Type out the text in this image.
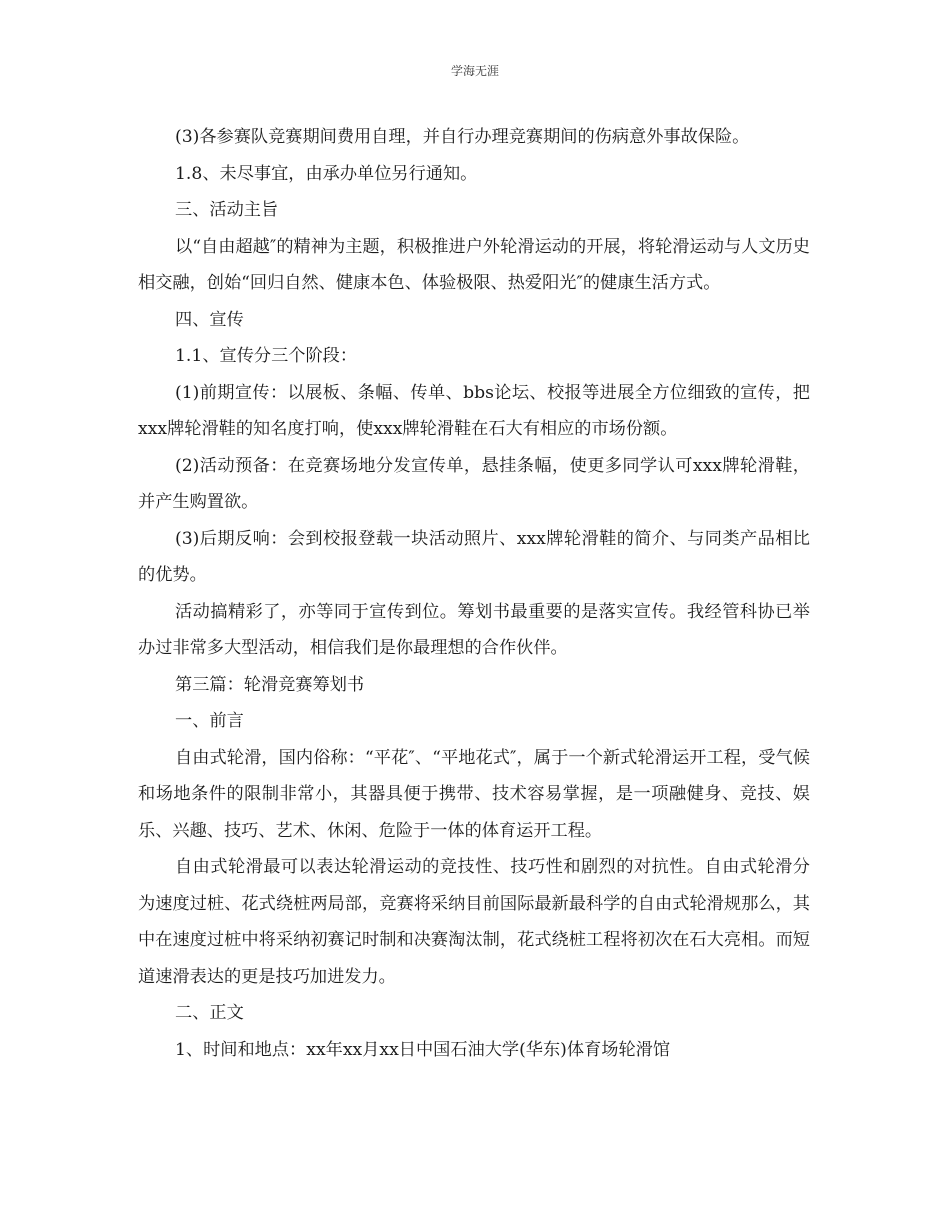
学海无涯

(3)各参赛队竞赛期间费用自理，并自行办理竞赛期间的伤病意外事故保险。

1.8、未尽事宜，由承办单位另行通知。

三、活动主旨

以“自由超越″的精神为主题，积极推进户外轮滑运动的开展，将轮滑运动与人文历史相交融，创始“回归自然、健康本色、体验极限、热爱阳光″的健康生活方式。

四、宣传

1.1、宣传分三个阶段：

(1)前期宣传：以展板、条幅、传单、bbs论坛、校报等进展全方位细致的宣传，把xxx牌轮滑鞋的知名度打响，使xxx牌轮滑鞋在石大有相应的市场份额。

(2)活动预备：在竞赛场地分发宣传单，悬挂条幅，使更多同学认可xxx牌轮滑鞋，并产生购置欲。

(3)后期反响：会到校报登载一块活动照片、xxx牌轮滑鞋的简介、与同类产品相比的优势。

活动搞精彩了，亦等同于宣传到位。筹划书最重要的是落实宣传。我经管科协已举办过非常多大型活动，相信我们是你最理想的合作伙伴。

第三篇：轮滑竞赛筹划书

一、前言

自由式轮滑，国内俗称：“平花″、“平地花式″，属于一个新式轮滑运开工程，受气候和场地条件的限制非常小，其器具便于携带、技术容易掌握，是一项融健身、竞技、娱乐、兴趣、技巧、艺术、休闲、危险于一体的体育运开工程。

自由式轮滑最可以表达轮滑运动的竞技性、技巧性和剧烈的对抗性。自由式轮滑分为速度过桩、花式绕桩两局部，竞赛将采纳目前国际最新最科学的自由式轮滑规那么，其中在速度过桩中将采纳初赛记时制和决赛淘汰制，花式绕桩工程将初次在石大亮相。而短道速滑表达的更是技巧加进发力。

二、正文

1、时间和地点：xx年xx月xx日中国石油大学(华东)体育场轮滑馆
